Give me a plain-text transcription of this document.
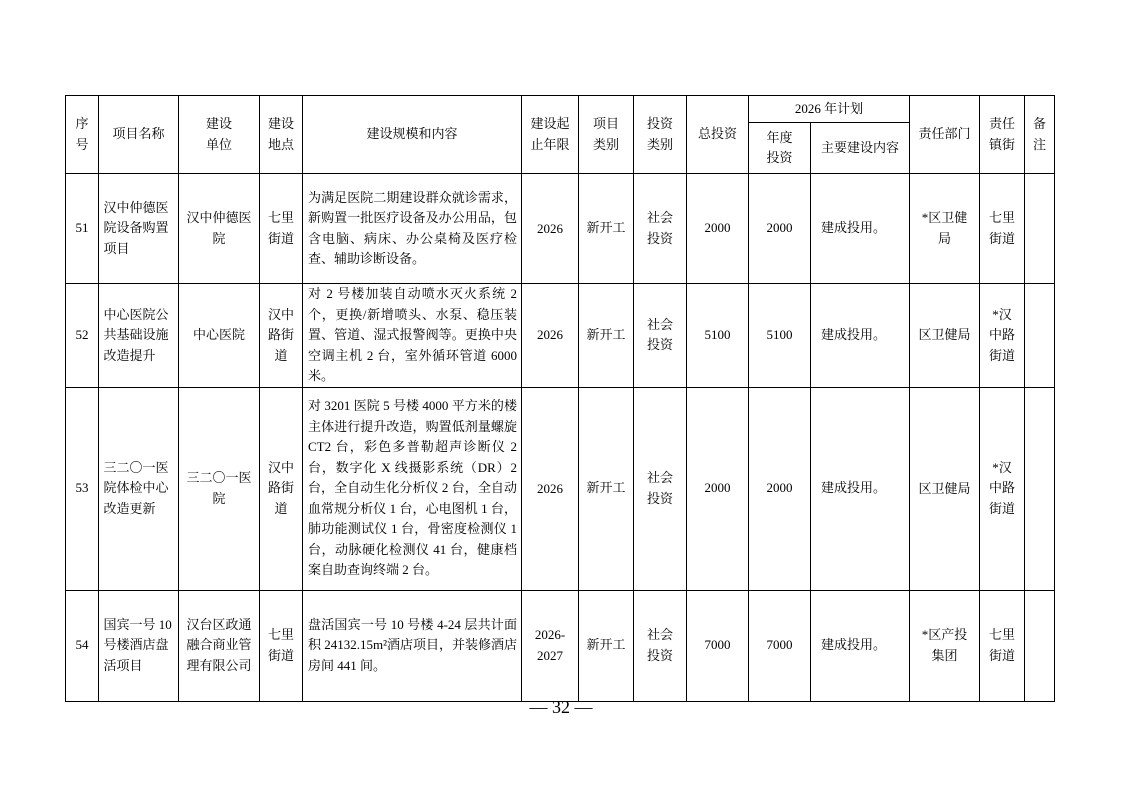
序号	项目名称	建设单位	建设地点	建设规模和内容	建设起止年限	项目类别	投资类别	总投资	2026 年计划		责任部门	责任镇街	备注
									年度投资	主要建设内容			
51	汉中仲德医院设备购置项目	汉中仲德医院	七里街道	为满足医院二期建设群众就诊需求，新购置一批医疗设备及办公用品，包含电脑、病床、办公桌椅及医疗检查、辅助诊断设备。	2026	新开工	社会投资	2000	2000	建成投用。	*区卫健局	七里街道	
52	中心医院公共基础设施改造提升	中心医院	汉中路街道	对 2 号楼加装自动喷水灭火系统 2 个，更换/新增喷头、水泵、稳压装置、管道、湿式报警阀等。更换中央空调主机 2 台，室外循环管道 6000 米。	2026	新开工	社会投资	5100	5100	建成投用。	区卫健局	*汉中路街道	
53	三二〇一医院体检中心改造更新	三二〇一医院	汉中路街道	对 3201 医院 5 号楼 4000 平方米的楼主体进行提升改造，购置低剂量螺旋 CT2 台，彩色多普勒超声诊断仪 2 台，数字化 X 线摄影系统（DR）2 台，全自动生化分析仪 2 台，全自动血常规分析仪 1 台，心电图机 1 台，肺功能测试仪 1 台，骨密度检测仪 1 台，动脉硬化检测仪 41 台，健康档案自助查询终端 2 台。	2026	新开工	社会投资	2000	2000	建成投用。	区卫健局	*汉中路街道	
54	国宾一号 10 号楼酒店盘活项目	汉台区政通融合商业管理有限公司	七里街道	盘活国宾一号 10 号楼 4-24 层共计面积 24132.15m²酒店项目，并装修酒店房间 441 间。	2026-2027	新开工	社会投资	7000	7000	建成投用。	*区产投集团	七里街道	
— 32 —
